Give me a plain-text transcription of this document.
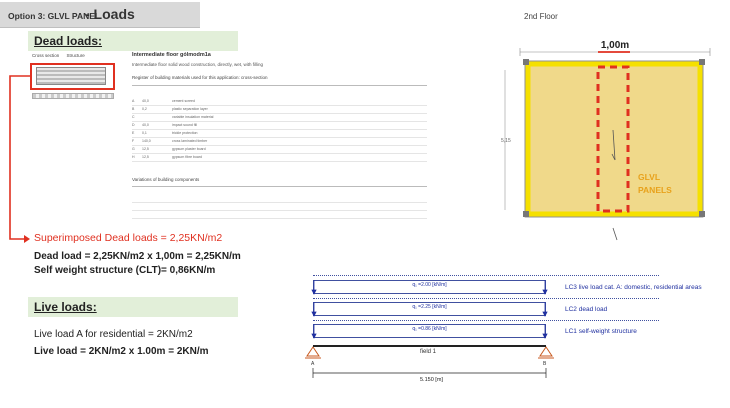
Option 3: GLVL PANEL
- Loads
Dead loads:
Cross section Structure	Intermediate floor gólmodm1a
Intermediate floor solid wood construction, directly, wet, with filling
Register of building materials used for this application: cross-section
A 40,0	cement screed
B 0,2	plastic separation layer
C	variable insulation material
D 40,0	impact sound fill
E 0,1	trickle protection
F 140,0	cross laminated timber
G 12,5	gypsum plaster board
H 12,5	gypsum fibre board
Variations of building components
Superimposed Dead loads = 2,25KN/m2
Dead load = 2,25KN/m2 x 1,00m = 2,25KN/m
Self weight structure (CLT)= 0,86KN/m
Live loads:
Live load A for residential = 2KN/m2
Live load = 2KN/m2 x 1.00m = 2KN/m
2nd Floor
1,00m
GLVL
PANELS
5,15
q₁ =2.00 [kN/m]	LC3 live load cat. A: domestic, residential areas
q₁ =2.25 [kN/m]	LC2 dead load
q₁ =0.86 [kN/m]	LC1 self-weight structure
field 1
A	B
5.150 [m]
